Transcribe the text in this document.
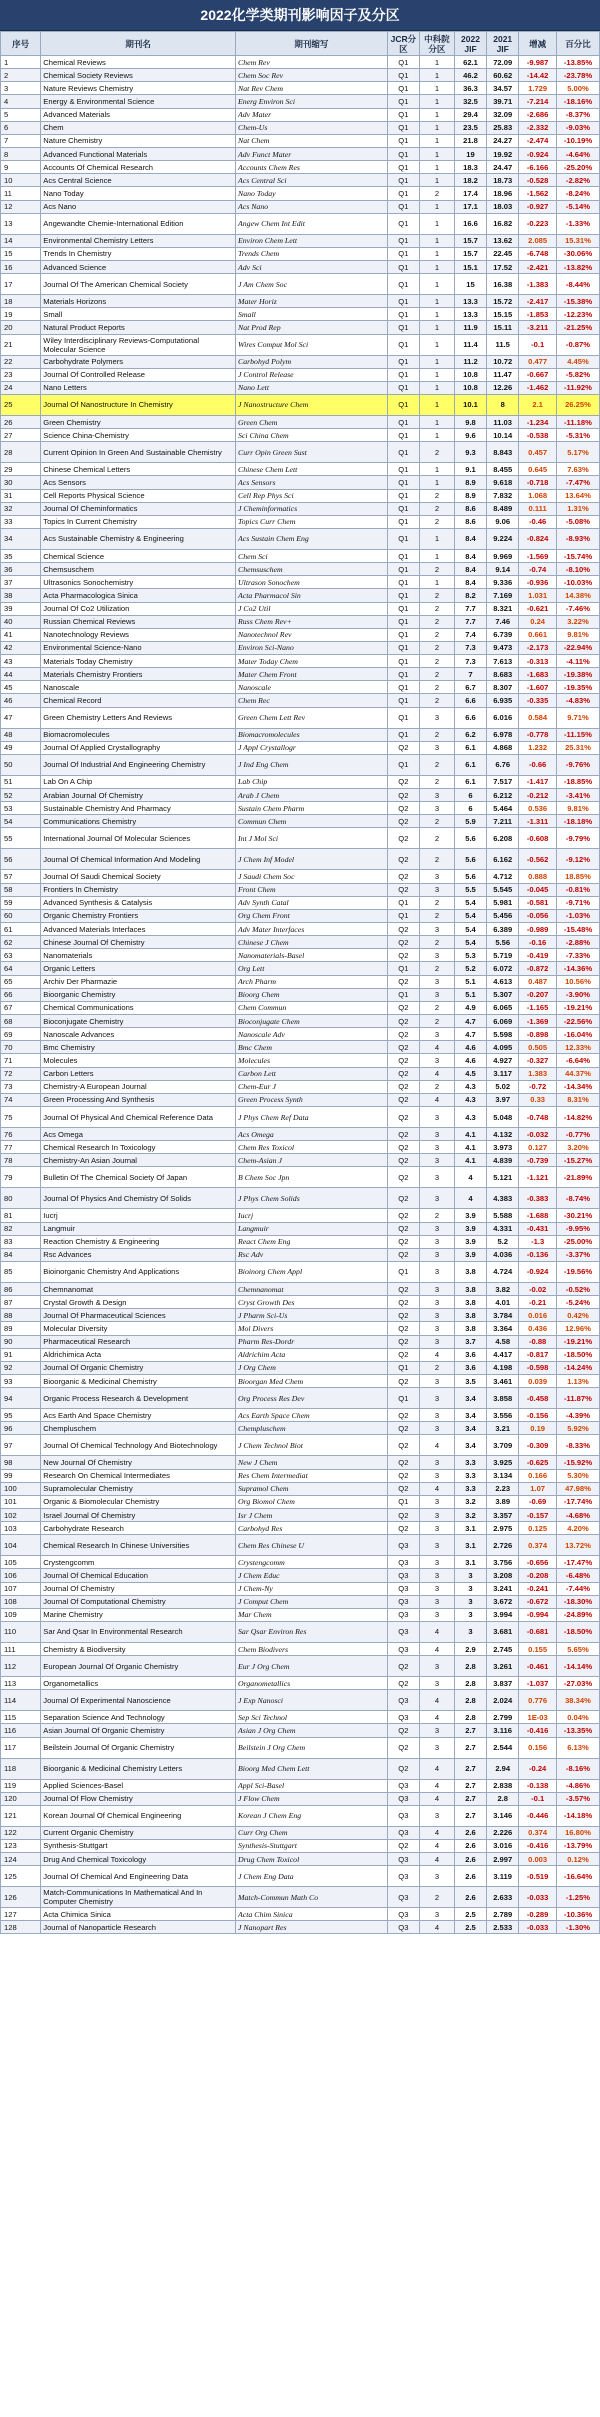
2022化学类期刊影响因子及分区
序号	期刊名	期刊缩写	JCR分区	中科院分区	2022 JIF	2021 JIF	增减	百分比
1	Chemical Reviews	Chem Rev	Q1	1	62.1	72.09	-9.987	-13.85%
2	Chemical Society Reviews	Chem Soc Rev	Q1	1	46.2	60.62	-14.42	-23.78%
3	Nature Reviews Chemistry	Nat Rev Chem	Q1	1	36.3	34.57	1.729	5.00%
4	Energy & Environmental Science	Energ Environ Sci	Q1	1	32.5	39.71	-7.214	-18.16%
5	Advanced Materials	Adv Mater	Q1	1	29.4	32.09	-2.686	-8.37%
6	Chem	Chem-Us	Q1	1	23.5	25.83	-2.332	-9.03%
7	Nature Chemistry	Nat Chem	Q1	1	21.8	24.27	-2.474	-10.19%
8	Advanced Functional Materials	Adv Funct Mater	Q1	1	19	19.92	-0.924	-4.64%
9	Accounts Of Chemical Research	Accounts Chem Res	Q1	1	18.3	24.47	-6.166	-25.20%
10	Acs Central Science	Acs Central Sci	Q1	1	18.2	18.73	-0.528	-2.82%
11	Nano Today	Nano Today	Q1	2	17.4	18.96	-1.562	-8.24%
12	Acs Nano	Acs Nano	Q1	1	17.1	18.03	-0.927	-5.14%
13	Angewandte Chemie-International Edition	Angew Chem Int Edit	Q1	1	16.6	16.82	-0.223	-1.33%
14	Environmental Chemistry Letters	Environ Chem Lett	Q1	1	15.7	13.62	2.085	15.31%
15	Trends In Chemistry	Trends Chem	Q1	1	15.7	22.45	-6.748	-30.06%
16	Advanced Science	Adv Sci	Q1	1	15.1	17.52	-2.421	-13.82%
17	Journal Of The American Chemical Society	J Am Chem Soc	Q1	1	15	16.38	-1.383	-8.44%
18	Materials Horizons	Mater Horiz	Q1	1	13.3	15.72	-2.417	-15.38%
19	Small	Small	Q1	1	13.3	15.15	-1.853	-12.23%
20	Natural Product Reports	Nat Prod Rep	Q1	1	11.9	15.11	-3.211	-21.25%
21	Wiley Interdisciplinary Reviews-Computational Molecular Science	Wires Comput Mol Sci	Q1	1	11.4	11.5	-0.1	-0.87%
22	Carbohydrate Polymers	Carbohyd Polym	Q1	1	11.2	10.72	0.477	4.45%
23	Journal Of Controlled Release	J Control Release	Q1	1	10.8	11.47	-0.667	-5.82%
24	Nano Letters	Nano Lett	Q1	1	10.8	12.26	-1.462	-11.92%
25	Journal Of Nanostructure In Chemistry	J Nanostructure Chem	Q1	1	10.1	8	2.1	26.25%
26	Green Chemistry	Green Chem	Q1	1	9.8	11.03	-1.234	-11.18%
27	Science China-Chemistry	Sci China Chem	Q1	1	9.6	10.14	-0.538	-5.31%
28	Current Opinion In Green And Sustainable Chemistry	Curr Opin Green Sust	Q1	2	9.3	8.843	0.457	5.17%
29	Chinese Chemical Letters	Chinese Chem Lett	Q1	1	9.1	8.455	0.645	7.63%
30	Acs Sensors	Acs Sensors	Q1	1	8.9	9.618	-0.718	-7.47%
31	Cell Reports Physical Science	Cell Rep Phys Sci	Q1	2	8.9	7.832	1.068	13.64%
32	Journal Of Cheminformatics	J Cheminformatics	Q1	2	8.6	8.489	0.111	1.31%
33	Topics In Current Chemistry	Topics Curr Chem	Q1	2	8.6	9.06	-0.46	-5.08%
34	Acs Sustainable Chemistry & Engineering	Acs Sustain Chem Eng	Q1	1	8.4	9.224	-0.824	-8.93%
35	Chemical Science	Chem Sci	Q1	1	8.4	9.969	-1.569	-15.74%
36	Chemsuschem	Chemsuschem	Q1	2	8.4	9.14	-0.74	-8.10%
37	Ultrasonics Sonochemistry	Ultrason Sonochem	Q1	1	8.4	9.336	-0.936	-10.03%
38	Acta Pharmacologica Sinica	Acta Pharmacol Sin	Q1	2	8.2	7.169	1.031	14.38%
39	Journal Of Co2 Utilization	J Co2 Util	Q1	2	7.7	8.321	-0.621	-7.46%
40	Russian Chemical Reviews	Russ Chem Rev+	Q1	2	7.7	7.46	0.24	3.22%
41	Nanotechnology Reviews	Nanotechnol Rev	Q1	2	7.4	6.739	0.661	9.81%
42	Environmental Science-Nano	Environ Sci-Nano	Q1	2	7.3	9.473	-2.173	-22.94%
43	Materials Today Chemistry	Mater Today Chem	Q1	2	7.3	7.613	-0.313	-4.11%
44	Materials Chemistry Frontiers	Mater Chem Front	Q1	2	7	8.683	-1.683	-19.38%
45	Nanoscale	Nanoscale	Q1	2	6.7	8.307	-1.607	-19.35%
46	Chemical Record	Chem Rec	Q1	2	6.6	6.935	-0.335	-4.83%
47	Green Chemistry Letters And Reviews	Green Chem Lett Rev	Q1	3	6.6	6.016	0.584	9.71%
48	Biomacromolecules	Biomacromolecules	Q1	2	6.2	6.978	-0.778	-11.15%
49	Journal Of Applied Crystallography	J Appl Crystallogr	Q2	3	6.1	4.868	1.232	25.31%
50	Journal Of Industrial And Engineering Chemistry	J Ind Eng Chem	Q1	2	6.1	6.76	-0.66	-9.76%
51	Lab On A Chip	Lab Chip	Q2	2	6.1	7.517	-1.417	-18.85%
52	Arabian Journal Of Chemistry	Arab J Chem	Q2	3	6	6.212	-0.212	-3.41%
53	Sustainable Chemistry And Pharmacy	Sustain Chem Pharm	Q2	3	6	5.464	0.536	9.81%
54	Communications Chemistry	Commun Chem	Q2	2	5.9	7.211	-1.311	-18.18%
55	International Journal Of Molecular Sciences	Int J Mol Sci	Q2	2	5.6	6.208	-0.608	-9.79%
56	Journal Of Chemical Information And Modeling	J Chem Inf Model	Q2	2	5.6	6.162	-0.562	-9.12%
57	Journal Of Saudi Chemical Society	J Saudi Chem Soc	Q2	3	5.6	4.712	0.888	18.85%
58	Frontiers In Chemistry	Front Chem	Q2	3	5.5	5.545	-0.045	-0.81%
59	Advanced Synthesis & Catalysis	Adv Synth Catal	Q1	2	5.4	5.981	-0.581	-9.71%
60	Organic Chemistry Frontiers	Org Chem Front	Q1	2	5.4	5.456	-0.056	-1.03%
61	Advanced Materials Interfaces	Adv Mater Interfaces	Q2	3	5.4	6.389	-0.989	-15.48%
62	Chinese Journal Of Chemistry	Chinese J Chem	Q2	2	5.4	5.56	-0.16	-2.88%
63	Nanomaterials	Nanomaterials-Basel	Q2	3	5.3	5.719	-0.419	-7.33%
64	Organic Letters	Org Lett	Q1	2	5.2	6.072	-0.872	-14.36%
65	Archiv Der Pharmazie	Arch Pharm	Q2	3	5.1	4.613	0.487	10.56%
66	Bioorganic Chemistry	Bioorg Chem	Q1	3	5.1	5.307	-0.207	-3.90%
67	Chemical Communications	Chem Commun	Q2	2	4.9	6.065	-1.165	-19.21%
68	Bioconjugate Chemistry	Bioconjugate Chem	Q2	2	4.7	6.069	-1.369	-22.56%
69	Nanoscale Advances	Nanoscale Adv	Q2	3	4.7	5.598	-0.898	-16.04%
70	Bmc Chemistry	Bmc Chem	Q2	4	4.6	4.095	0.505	12.33%
71	Molecules	Molecules	Q2	3	4.6	4.927	-0.327	-6.64%
72	Carbon Letters	Carbon Lett	Q2	4	4.5	3.117	1.383	44.37%
73	Chemistry-A European Journal	Chem-Eur J	Q2	2	4.3	5.02	-0.72	-14.34%
74	Green Processing And Synthesis	Green Process Synth	Q2	4	4.3	3.97	0.33	8.31%
75	Journal Of Physical And Chemical Reference Data	J Phys Chem Ref Data	Q2	3	4.3	5.048	-0.748	-14.82%
76	Acs Omega	Acs Omega	Q2	3	4.1	4.132	-0.032	-0.77%
77	Chemical Research In Toxicology	Chem Res Toxicol	Q2	3	4.1	3.973	0.127	3.20%
78	Chemistry-An Asian Journal	Chem-Asian J	Q2	3	4.1	4.839	-0.739	-15.27%
79	Bulletin Of The Chemical Society Of Japan	B Chem Soc Jpn	Q2	3	4	5.121	-1.121	-21.89%
80	Journal Of Physics And Chemistry Of Solids	J Phys Chem Solids	Q2	3	4	4.383	-0.383	-8.74%
81	Iucrj	Iucrj	Q2	2	3.9	5.588	-1.688	-30.21%
82	Langmuir	Langmuir	Q2	3	3.9	4.331	-0.431	-9.95%
83	Reaction Chemistry & Engineering	React Chem Eng	Q2	3	3.9	5.2	-1.3	-25.00%
84	Rsc Advances	Rsc Adv	Q2	3	3.9	4.036	-0.136	-3.37%
85	Bioinorganic Chemistry And Applications	Bioinorg Chem Appl	Q1	3	3.8	4.724	-0.924	-19.56%
86	Chemnanomat	Chemnanomat	Q2	3	3.8	3.82	-0.02	-0.52%
87	Crystal Growth & Design	Cryst Growth Des	Q2	3	3.8	4.01	-0.21	-5.24%
88	Journal Of Pharmaceutical Sciences	J Pharm Sci-Us	Q2	3	3.8	3.784	0.016	0.42%
89	Molecular Diversity	Mol Divers	Q2	3	3.8	3.364	0.436	12.96%
90	Pharmaceutical Research	Pharm Res-Dordr	Q2	3	3.7	4.58	-0.88	-19.21%
91	Aldrichimica Acta	Aldrichim Acta	Q2	4	3.6	4.417	-0.817	-18.50%
92	Journal Of Organic Chemistry	J Org Chem	Q1	2	3.6	4.198	-0.598	-14.24%
93	Bioorganic & Medicinal Chemistry	Bioorgan Med Chem	Q2	3	3.5	3.461	0.039	1.13%
94	Organic Process Research & Development	Org Process Res Dev	Q1	3	3.4	3.858	-0.458	-11.87%
95	Acs Earth And Space Chemistry	Acs Earth Space Chem	Q2	3	3.4	3.556	-0.156	-4.39%
96	Chempluschem	Chempluschem	Q2	3	3.4	3.21	0.19	5.92%
97	Journal Of Chemical Technology And Biotechnology	J Chem Technol Biot	Q2	4	3.4	3.709	-0.309	-8.33%
98	New Journal Of Chemistry	New J Chem	Q2	3	3.3	3.925	-0.625	-15.92%
99	Research On Chemical Intermediates	Res Chem Intermediat	Q2	3	3.3	3.134	0.166	5.30%
100	Supramolecular Chemistry	Supramol Chem	Q2	4	3.3	2.23	1.07	47.98%
101	Organic & Biomolecular Chemistry	Org Biomol Chem	Q1	3	3.2	3.89	-0.69	-17.74%
102	Israel Journal Of Chemistry	Isr J Chem	Q2	3	3.2	3.357	-0.157	-4.68%
103	Carbohydrate Research	Carbohyd Res	Q2	3	3.1	2.975	0.125	4.20%
104	Chemical Research In Chinese Universities	Chem Res Chinese U	Q3	3	3.1	2.726	0.374	13.72%
105	Crystengcomm	Crystengcomm	Q3	3	3.1	3.756	-0.656	-17.47%
106	Journal Of Chemical Education	J Chem Educ	Q3	3	3	3.208	-0.208	-6.48%
107	Journal Of Chemistry	J Chem-Ny	Q3	3	3	3.241	-0.241	-7.44%
108	Journal Of Computational Chemistry	J Comput Chem	Q3	3	3	3.672	-0.672	-18.30%
109	Marine Chemistry	Mar Chem	Q3	3	3	3.994	-0.994	-24.89%
110	Sar And Qsar In Environmental Research	Sar Qsar Environ Res	Q3	4	3	3.681	-0.681	-18.50%
111	Chemistry & Biodiversity	Chem Biodivers	Q3	4	2.9	2.745	0.155	5.65%
112	European Journal Of Organic Chemistry	Eur J Org Chem	Q2	3	2.8	3.261	-0.461	-14.14%
113	Organometallics	Organometallics	Q2	3	2.8	3.837	-1.037	-27.03%
114	Journal Of Experimental Nanoscience	J Exp Nanosci	Q3	4	2.8	2.024	0.776	38.34%
115	Separation Science And Technology	Sep Sci Technol	Q3	4	2.8	2.799	1E-03	0.04%
116	Asian Journal Of Organic Chemistry	Asian J Org Chem	Q2	3	2.7	3.116	-0.416	-13.35%
117	Beilstein Journal Of Organic Chemistry	Beilstein J Org Chem	Q2	3	2.7	2.544	0.156	6.13%
118	Bioorganic & Medicinal Chemistry Letters	Bioorg Med Chem Lett	Q2	4	2.7	2.94	-0.24	-8.16%
119	Applied Sciences-Basel	Appl Sci-Basel	Q3	4	2.7	2.838	-0.138	-4.86%
120	Journal Of Flow Chemistry	J Flow Chem	Q3	4	2.7	2.8	-0.1	-3.57%
121	Korean Journal Of Chemical Engineering	Korean J Chem Eng	Q3	3	2.7	3.146	-0.446	-14.18%
122	Current Organic Chemistry	Curr Org Chem	Q3	4	2.6	2.226	0.374	16.80%
123	Synthesis-Stuttgart	Synthesis-Stuttgart	Q2	4	2.6	3.016	-0.416	-13.79%
124	Drug And Chemical Toxicology	Drug Chem Toxicol	Q3	4	2.6	2.997	0.003	0.12%
125	Journal Of Chemical And Engineering Data	J Chem Eng Data	Q3	3	2.6	3.119	-0.519	-16.64%
126	Match-Communications In Mathematical And In Computer Chemistry	Match-Commun Math Co	Q3	2	2.6	2.633	-0.033	-1.25%
127	Acta Chimica Sinica	Acta Chim Sinica	Q3	3	2.5	2.789	-0.289	-10.36%
128	Journal of Nanoparticle Research	J Nanopart Res	Q3	4	2.5	2.533	-0.033	-1.30%
